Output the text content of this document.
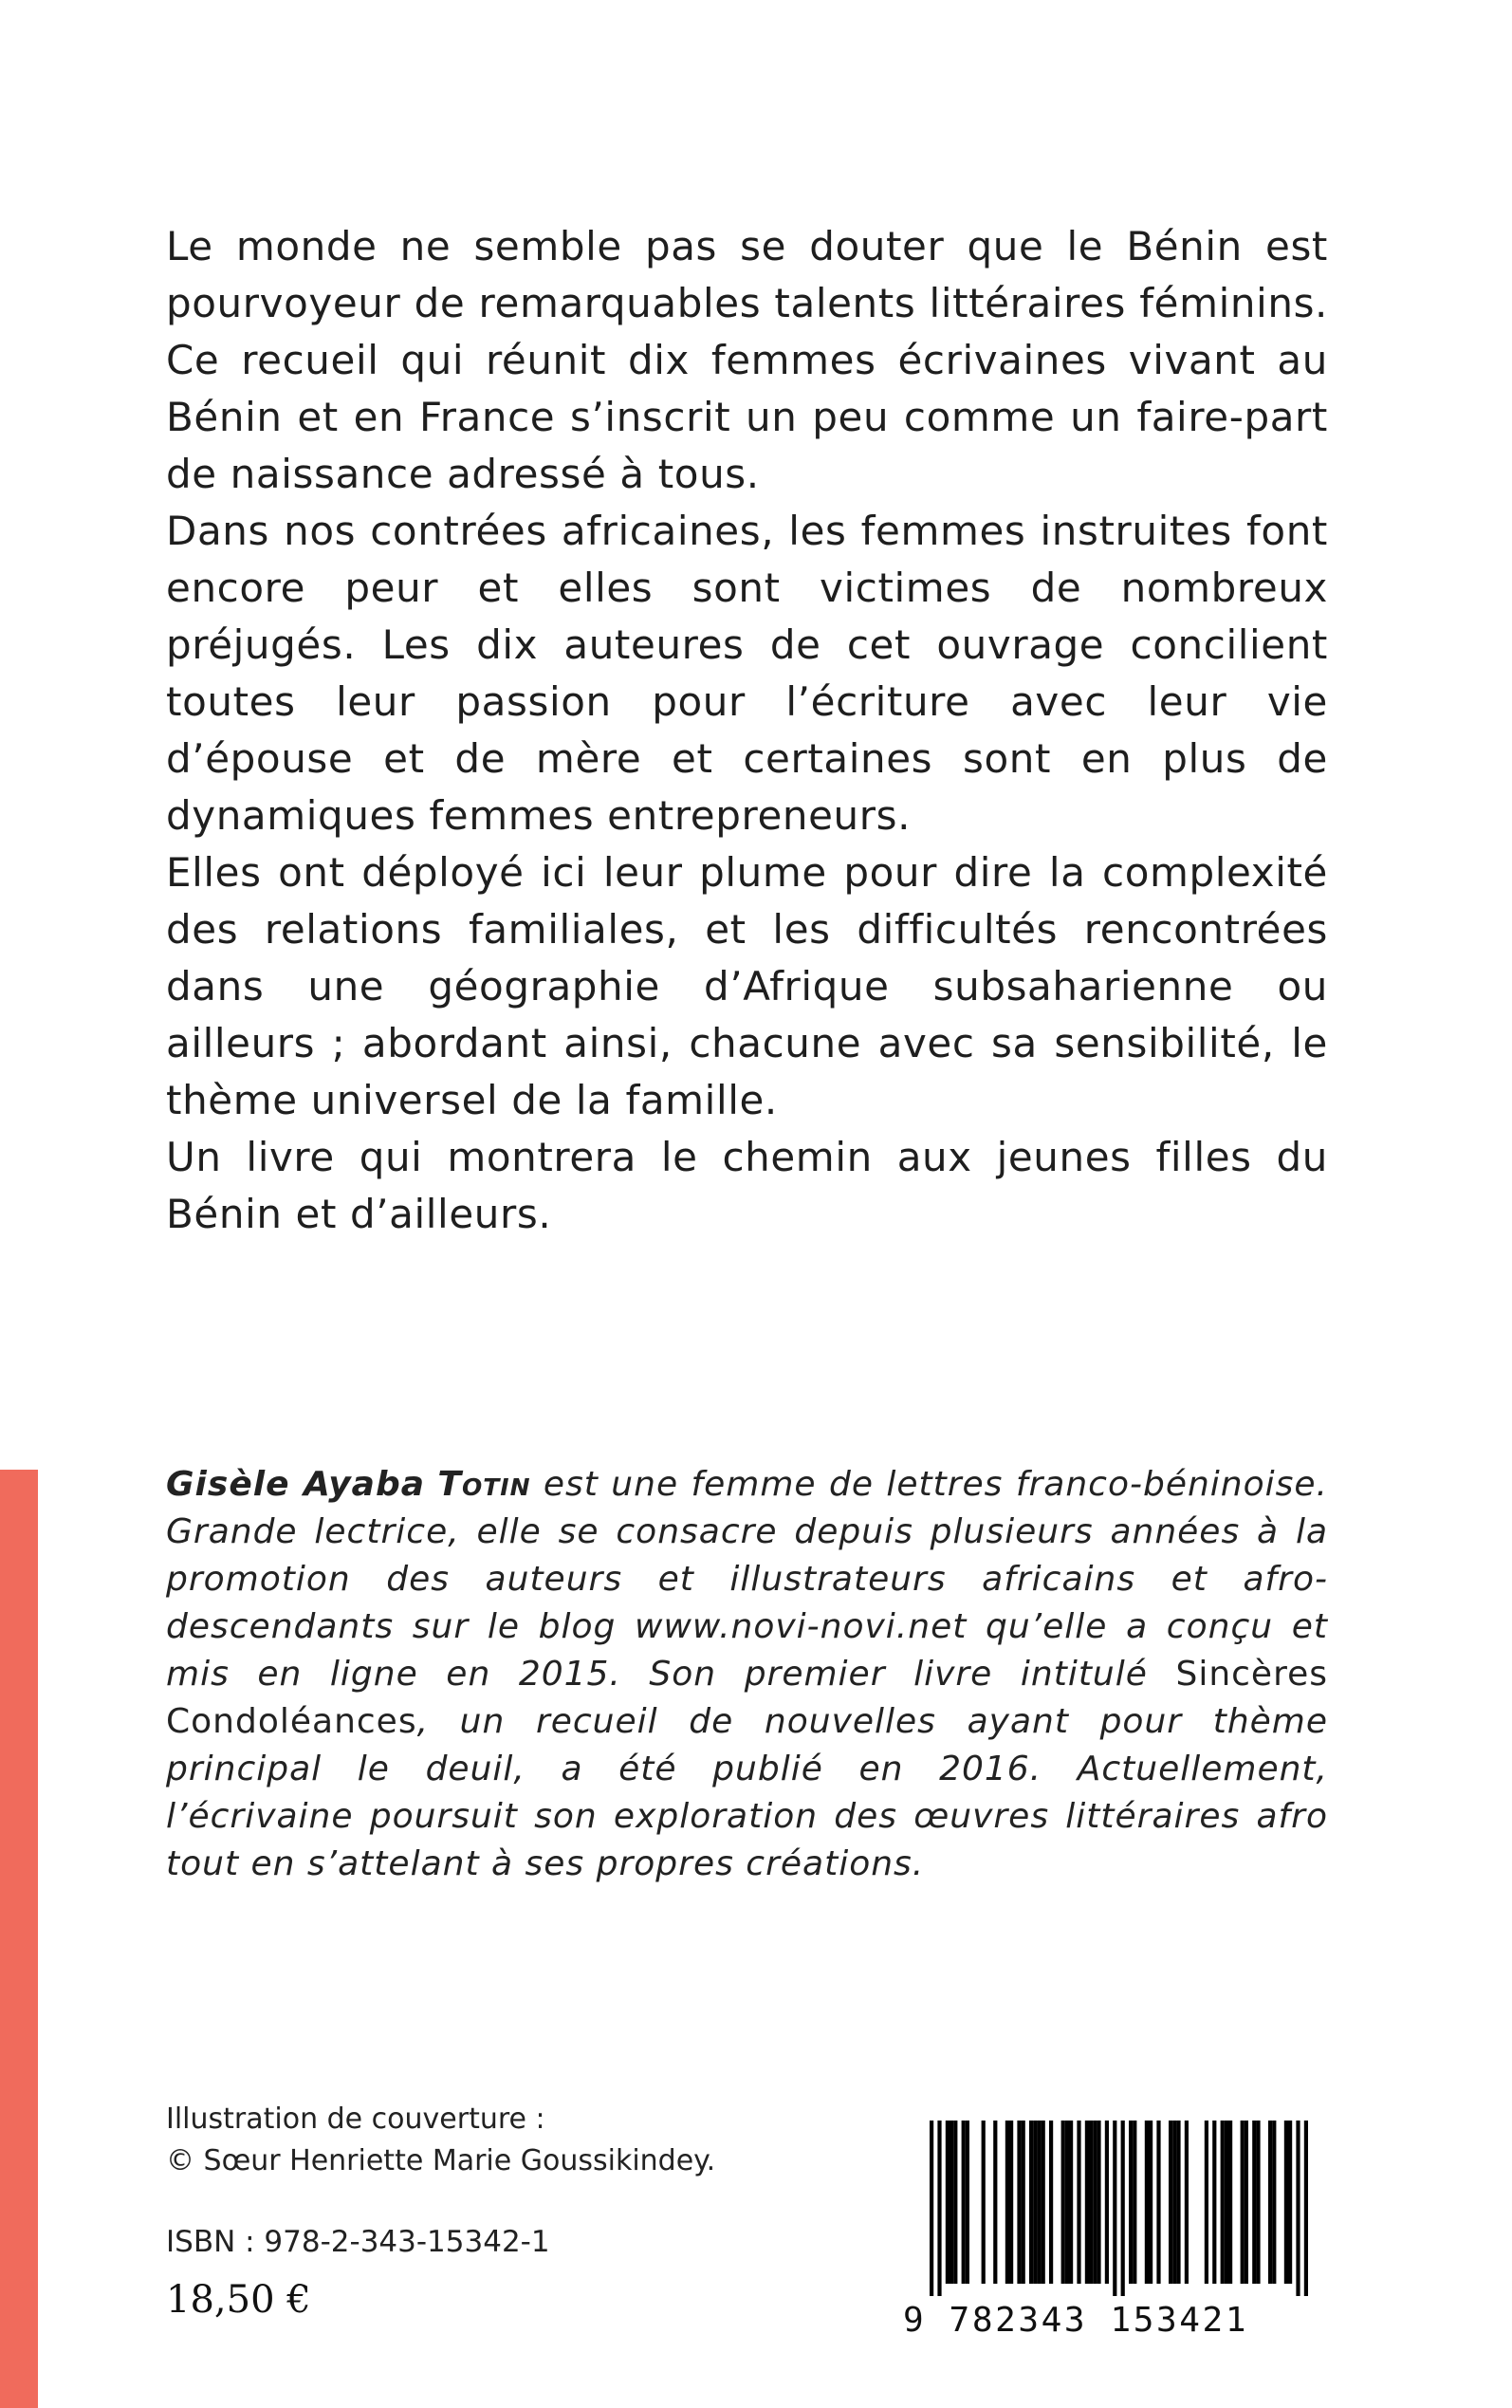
Le monde ne semble pas se douter que le Bénin est pourvoyeur de remarquables talents littéraires féminins. Ce recueil qui réunit dix femmes écrivaines vivant au Bénin et en France s’inscrit un peu comme un faire-part de naissance adressé à tous.

Dans nos contrées africaines, les femmes instruites font encore peur et elles sont victimes de nombreux préjugés. Les dix auteures de cet ouvrage concilient toutes leur passion pour l’écriture avec leur vie d’épouse et de mère et certaines sont en plus de dynamiques femmes entrepreneurs.

Elles ont déployé ici leur plume pour dire la complexité des relations familiales, et les difficultés rencontrées dans une géographie d’Afrique subsaharienne ou ailleurs ; abordant ainsi, chacune avec sa sensibilité, le thème universel de la famille.

Un livre qui montrera le chemin aux jeunes filles du Bénin et d’ailleurs.

Gisèle Ayaba Totin est une femme de lettres franco-béninoise. Grande lectrice, elle se consacre depuis plusieurs années à la promotion des auteurs et illustrateurs africains et afro-descendants sur le blog www.novi-novi.net qu’elle a conçu et mis en ligne en 2015. Son premier livre intitulé Sincères Condoléances, un recueil de nouvelles ayant pour thème principal le deuil, a été publié en 2016. Actuellement, l’écrivaine poursuit son exploration des œuvres littéraires afro tout en s’attelant à ses propres créations.
Illustration de couverture :
© Sœur Henriette Marie Goussikindey.
ISBN : 978-2-343-15342-1
18,50 €	9 782343 153421
